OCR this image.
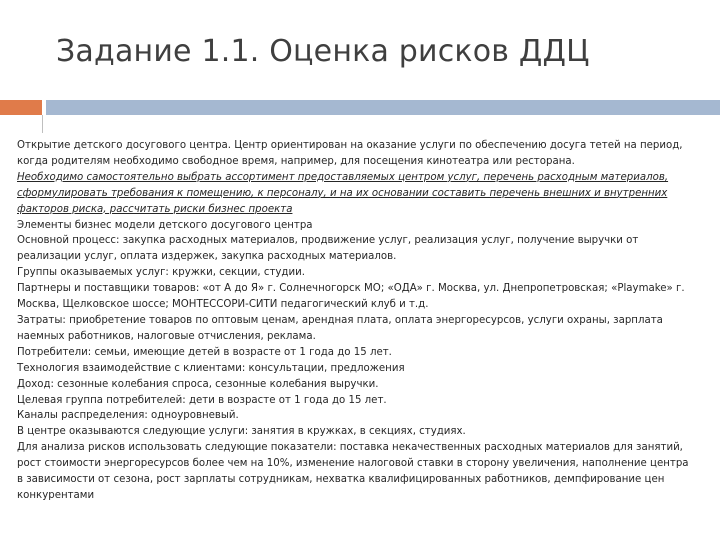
Задание 1.1. Оценка рисков ДДЦ
Открытие детского досугового центра. Центр ориентирован на оказание услуги по обеспечению досуга тетей на период, когда родителям необходимо свободное время, например, для посещения кинотеатра или ресторана.
Необходимо самостоятельно выбрать ассортимент предоставляемых центром услуг, перечень расходным материалов, сформулировать требования к помещению, к персоналу, и на их основании составить перечень внешних и внутренних факторов риска, рассчитать риски бизнес проекта
Элементы бизнес модели детского досугового центра
Основной процесс: закупка расходных материалов, продвижение услуг, реализация услуг, получение выручки от реализации услуг, оплата издержек, закупка расходных материалов.
Группы оказываемых услуг: кружки, секции, студии.
Партнеры и поставщики товаров: «от А до Я» г. Солнечногорск МО; «ОДА» г. Москва, ул. Днепропетровская; «Playmake» г. Москва, Щелковское шоссе; МОНТЕССОРИ-СИТИ педагогический клуб и т.д.
Затраты: приобретение товаров по оптовым ценам, арендная плата, оплата энергоресурсов, услуги охраны, зарплата наемных работников, налоговые отчисления, реклама.
Потребители: семьи, имеющие детей в возрасте от 1 года до 15 лет.
Технология взаимодействие с клиентами: консультации, предложения
Доход: сезонные колебания спроса, сезонные колебания выручки.
Целевая группа потребителей: дети в возрасте от 1 года до 15 лет.
Каналы распределения: одноуровневый.
В центре оказываются следующие услуги: занятия в кружках, в секциях, студиях.
Для анализа рисков использовать следующие показатели: поставка некачественных расходных материалов для занятий, рост стоимости энергоресурсов более чем на 10%, изменение налоговой ставки в сторону увеличения, наполнение центра в зависимости от сезона, рост зарплаты сотрудникам, нехватка квалифицированных работников, демпфирование цен конкурентами
